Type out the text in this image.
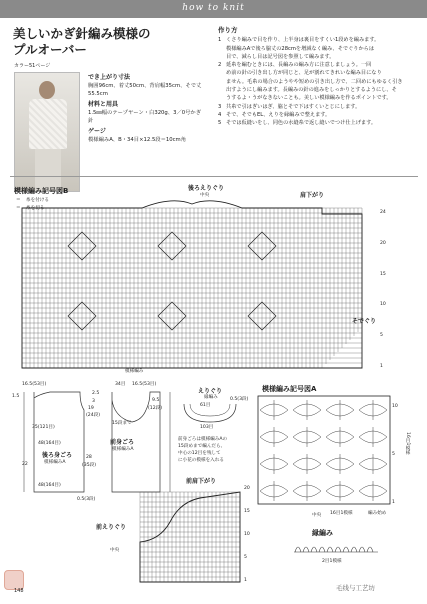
how to knit
美しいかぎ針編み模様の
プルオーバー
カラー51ページ
でき上がり寸法
胸囲96cm、着丈50cm、背肩幅35cm、そで丈55.5cm
材料と用具
1.5㎜幅のテープヤーン・白320g、3／0号かぎ針
ゲージ
模様編みA、B・34目×12.5段＝10cm角
作り方
1 くさり編みで目を作り、上半身は裏目をすくい1段めを編みます。
模様編みAで後ろ脇丈の28cmを増減なく編み、そでぐりからは
目で、減らし目は記号図を参照して編みます。
2 延糸を編むときには、長編みの編み方に注意しましょう。一回
め前の針の引き出し方が同じと、足が割れてきれいな編み目になり
ません。毛糸の場合のようやや短めの引き出し方で、二回めにもゆるく引き
出すようにし編みます。長編みの針の進みをしっかりとするようにし、そ
うするよ・うがなきないことも。美しい模様編みを作るポイントです。
3 共糸で引はぎいはぎ、脇とそで下はすくいとじにします。
4 そで、そでもEL、えりを縁編みで整えます。
5 そでは仮縫いをし、同色の水縫糸で返し縫いでつけ仕上げます。
模様編み記号図B
＝ 糸を付ける
＝ 糸を切る
後ろえりぐり
中央	肩下がり
そでぐり
模様編み
24
20
15
10
5
1
16.5(53目)	34目 16.5(53目)
1.5
2.5
3	9.5
(12段)
19
(24段)
15段まで
35(121目)
後ろ身ごろ
模様編みA
前身ごろ
模様編みA
48(164目)
22
28
(35段)
48(164目)
0.5(3段)
えりぐり
縁編み
61目
103目
0.5(3段)
前身ごろは模様編みAの
15段めまで編んだら、
中心の12目を残して
に小花の模様を入れる
前肩下がり
前えりぐり
中央
20
15
10
5
1
模様編み記号図A
中央 16目1模様	編み始め
16目1模様
10
5
1
縁編み
2目1模様
148	毛线与工艺坊
